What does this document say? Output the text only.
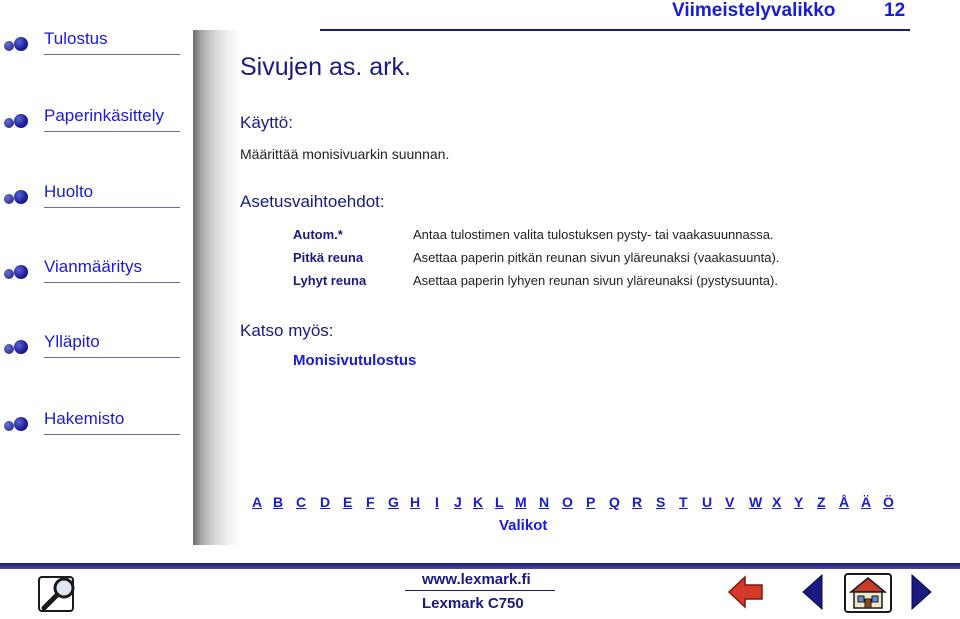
Tulostus
Paperinkäsittely
Huolto
Vianmääritys
Ylläpito
Hakemisto
Viimeistelyvalikko	12
Sivujen as. ark.
Käyttö:
Määrittää monisivuarkin suunnan.
Asetusvaihtoehdot:
Autom.*	Antaa tulostimen valita tulostuksen pysty- tai vaakasuunnassa.
Pitkä reuna	Asettaa paperin pitkän reunan sivun yläreunaksi (vaakasuunta).
Lyhyt reuna	Asettaa paperin lyhyen reunan sivun yläreunaksi (pystysuunta).
Katso myös:
Monisivutulostus
A B C D E F G H I J K L M N O P Q R S T U V W X Y Z Å Ä Ö
Valikot
www.lexmark.fi
Lexmark C750
